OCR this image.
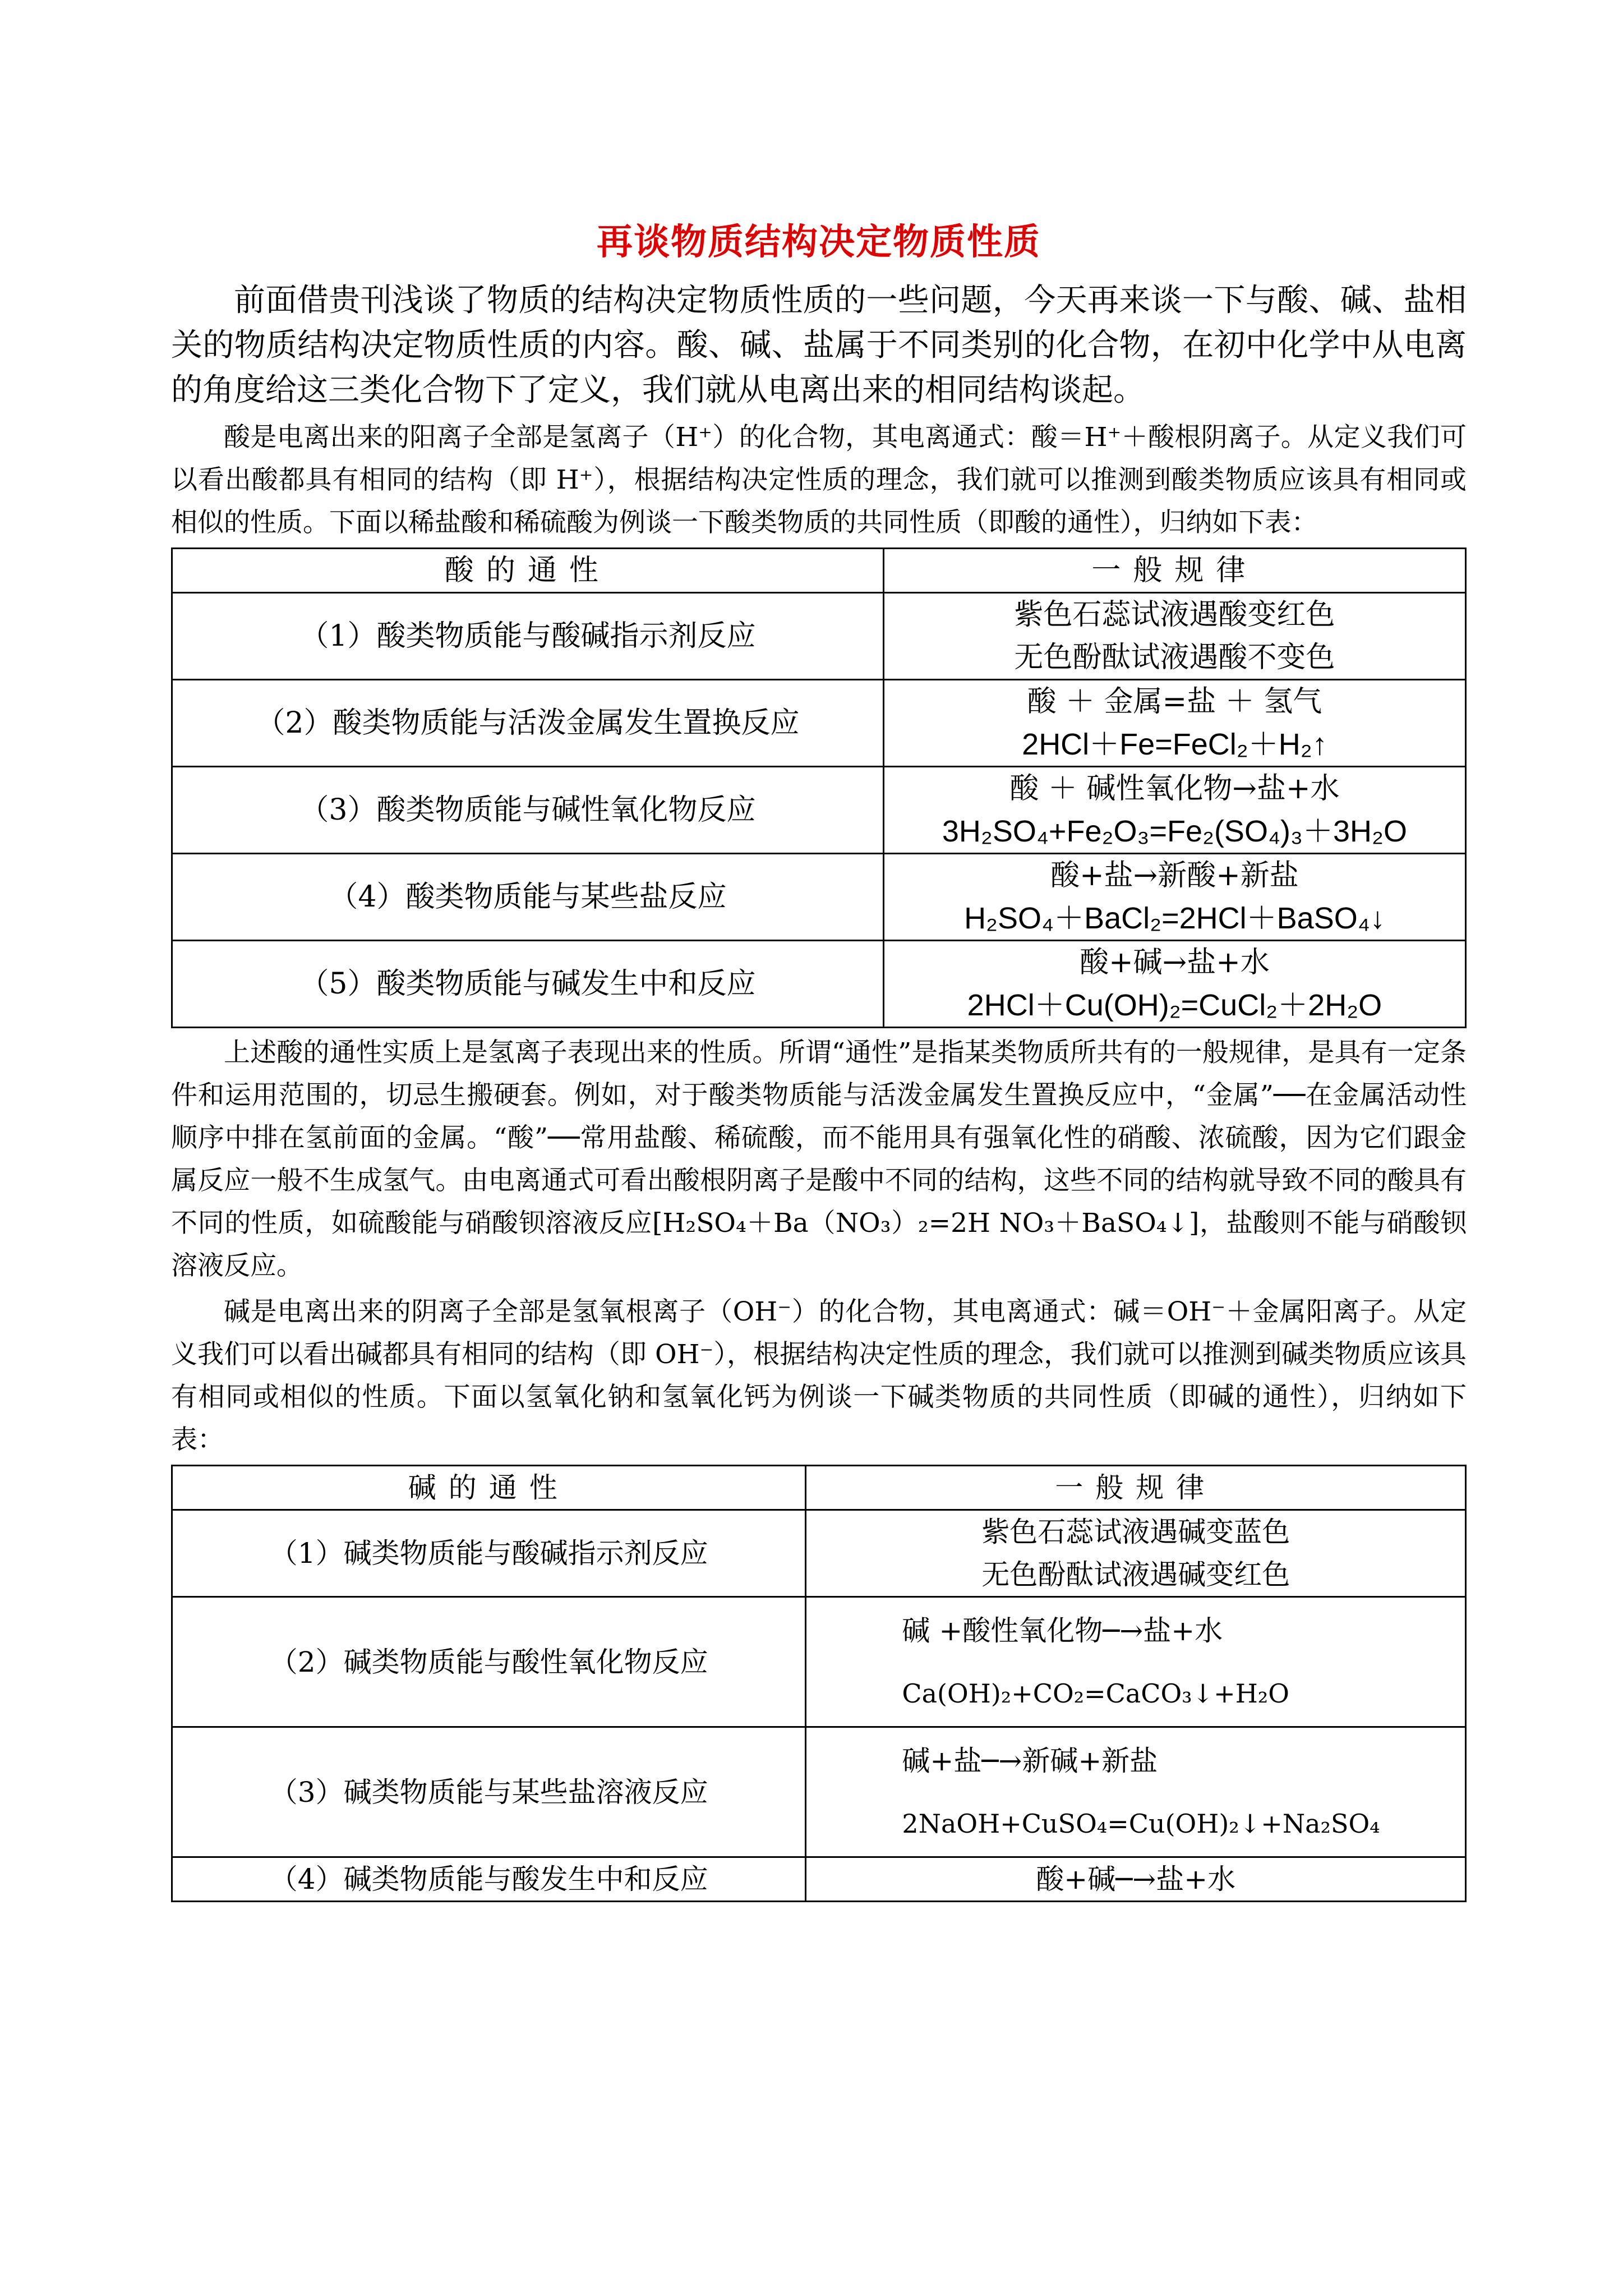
再谈物质结构决定物质性质

前面借贵刊浅谈了物质的结构决定物质性质的一些问题，今天再来谈一下与酸、碱、盐相关的物质结构决定物质性质的内容。酸、碱、盐属于不同类别的化合物，在初中化学中从电离的角度给这三类化合物下了定义，我们就从电离出来的相同结构谈起。

酸是电离出来的阳离子全部是氢离子（H⁺）的化合物，其电离通式：酸＝H⁺＋酸根阴离子。从定义我们可以看出酸都具有相同的结构（即 H⁺），根据结构决定性质的理念，我们就可以推测到酸类物质应该具有相同或相似的性质。下面以稀盐酸和稀硫酸为例谈一下酸类物质的共同性质（即酸的通性），归纳如下表：

酸的通性	一般规律
（1）酸类物质能与酸碱指示剂反应	紫色石蕊试液遇酸变红色
无色酚酞试液遇酸不变色

（2）酸类物质能与活泼金属发生置换反应	酸 ＋ 金属=盐 ＋ 氢气
2HCl＋Fe=FeCl₂＋H₂↑

（3）酸类物质能与碱性氧化物反应	酸 ＋ 碱性氧化物→盐+水
3H₂SO₄+Fe₂O₃=Fe₂(SO₄)₃＋3H₂O

（4）酸类物质能与某些盐反应	酸+盐→新酸+新盐
H₂SO₄＋BaCl₂=2HCl＋BaSO₄↓

（5）酸类物质能与碱发生中和反应	酸+碱→盐+水
2HCl＋Cu(OH)₂=CuCl₂＋2H₂O

上述酸的通性实质上是氢离子表现出来的性质。所谓“通性”是指某类物质所共有的一般规律，是具有一定条件和运用范围的，切忌生搬硬套。例如，对于酸类物质能与活泼金属发生置换反应中，“金属”──在金属活动性顺序中排在氢前面的金属。“酸”──常用盐酸、稀硫酸，而不能用具有强氧化性的硝酸、浓硫酸，因为它们跟金属反应一般不生成氢气。由电离通式可看出酸根阴离子是酸中不同的结构，这些不同的结构就导致不同的酸具有不同的性质，如硫酸能与硝酸钡溶液反应[H₂SO₄＋Ba（NO₃）₂=2H NO₃＋BaSO₄↓]，盐酸则不能与硝酸钡溶液反应。

碱是电离出来的阴离子全部是氢氧根离子（OH⁻）的化合物，其电离通式：碱＝OH⁻＋金属阳离子。从定义我们可以看出碱都具有相同的结构（即 OH⁻），根据结构决定性质的理念，我们就可以推测到碱类物质应该具有相同或相似的性质。下面以氢氧化钠和氢氧化钙为例谈一下碱类物质的共同性质（即碱的通性），归纳如下表：

碱的通性	一般规律
（1）碱类物质能与酸碱指示剂反应	紫色石蕊试液遇碱变蓝色
无色酚酞试液遇碱变红色

（2）碱类物质能与酸性氧化物反应	碱 +酸性氧化物─→盐+水
Ca(OH)₂+CO₂=CaCO₃↓+H₂O

（3）碱类物质能与某些盐溶液反应	碱+盐─→新碱+新盐
2NaOH+CuSO₄=Cu(OH)₂↓+Na₂SO₄

（4）碱类物质能与酸发生中和反应	酸+碱─→盐+水
